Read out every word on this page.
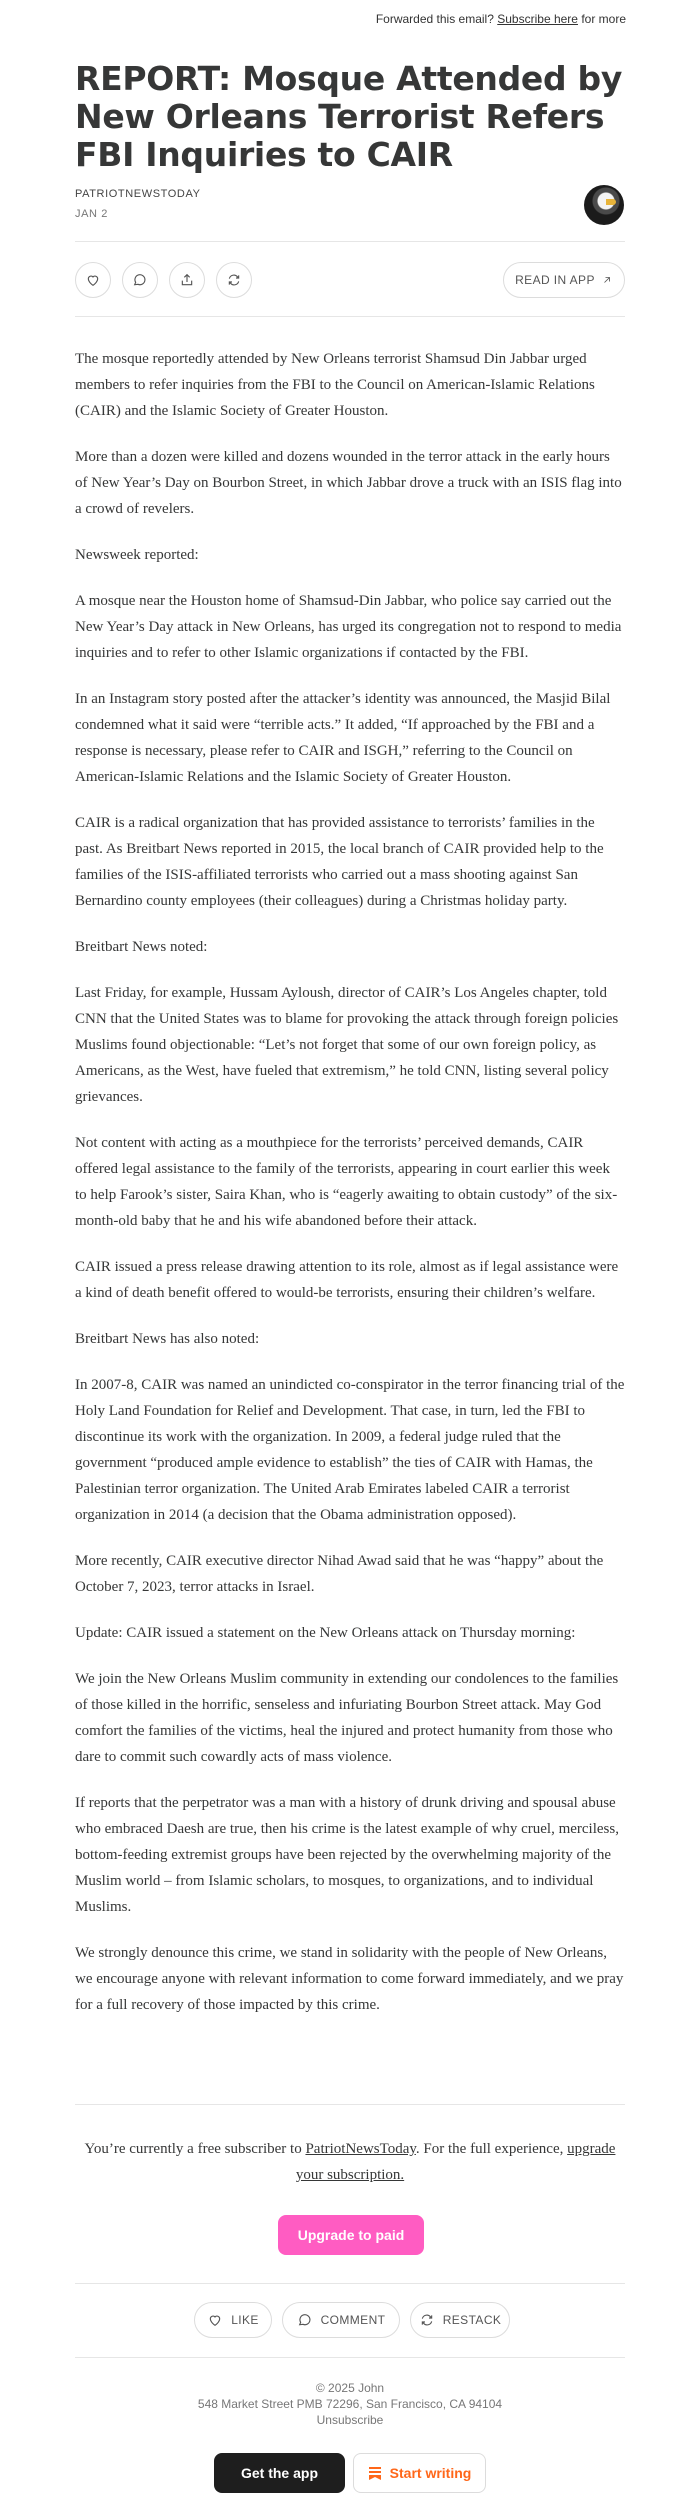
Forwarded this email? Subscribe here for more
REPORT: Mosque Attended by New Orleans Terrorist Refers FBI Inquiries to CAIR
PATRIOTNEWSTODAY
JAN 2
READ IN APP

The mosque reportedly attended by New Orleans terrorist Shamsud Din Jabbar urged members to refer inquiries from the FBI to the Council on American-Islamic Relations (CAIR) and the Islamic Society of Greater Houston.

More than a dozen were killed and dozens wounded in the terror attack in the early hours of New Year’s Day on Bourbon Street, in which Jabbar drove a truck with an ISIS flag into a crowd of revelers.

Newsweek reported:

A mosque near the Houston home of Shamsud-Din Jabbar, who police say carried out the New Year’s Day attack in New Orleans, has urged its congregation not to respond to media inquiries and to refer to other Islamic organizations if contacted by the FBI.

In an Instagram story posted after the attacker’s identity was announced, the Masjid Bilal condemned what it said were “terrible acts.” It added, “If approached by the FBI and a response is necessary, please refer to CAIR and ISGH,” referring to the Council on American-Islamic Relations and the Islamic Society of Greater Houston.

CAIR is a radical organization that has provided assistance to terrorists’ families in the past. As Breitbart News reported in 2015, the local branch of CAIR provided help to the families of the ISIS-affiliated terrorists who carried out a mass shooting against San Bernardino county employees (their colleagues) during a Christmas holiday party.

Breitbart News noted:

Last Friday, for example, Hussam Ayloush, director of CAIR’s Los Angeles chapter, told CNN that the United States was to blame for provoking the attack through foreign policies Muslims found objectionable: “Let’s not forget that some of our own foreign policy, as Americans, as the West, have fueled that extremism,” he told CNN, listing several policy grievances.

Not content with acting as a mouthpiece for the terrorists’ perceived demands, CAIR offered legal assistance to the family of the terrorists, appearing in court earlier this week to help Farook’s sister, Saira Khan, who is “eagerly awaiting to obtain custody” of the six-month-old baby that he and his wife abandoned before their attack.

CAIR issued a press release drawing attention to its role, almost as if legal assistance were a kind of death benefit offered to would-be terrorists, ensuring their children’s welfare.

Breitbart News has also noted:

In 2007-8, CAIR was named an unindicted co-conspirator in the terror financing trial of the Holy Land Foundation for Relief and Development. That case, in turn, led the FBI to discontinue its work with the organization. In 2009, a federal judge ruled that the government “produced ample evidence to establish” the ties of CAIR with Hamas, the Palestinian terror organization. The United Arab Emirates labeled CAIR a terrorist organization in 2014 (a decision that the Obama administration opposed).

More recently, CAIR executive director Nihad Awad said that he was “happy” about the October 7, 2023, terror attacks in Israel.

Update: CAIR issued a statement on the New Orleans attack on Thursday morning:

We join the New Orleans Muslim community in extending our condolences to the families of those killed in the horrific, senseless and infuriating Bourbon Street attack. May God comfort the families of the victims, heal the injured and protect humanity from those who dare to commit such cowardly acts of mass violence.

If reports that the perpetrator was a man with a history of drunk driving and spousal abuse who embraced Daesh are true, then his crime is the latest example of why cruel, merciless, bottom-feeding extremist groups have been rejected by the overwhelming majority of the Muslim world – from Islamic scholars, to mosques, to organizations, and to individual Muslims.

We strongly denounce this crime, we stand in solidarity with the people of New Orleans, we encourage anyone with relevant information to come forward immediately, and we pray for a full recovery of those impacted by this crime.

You’re currently a free subscriber to PatriotNewsToday. For the full experience, upgrade your subscription.
Upgrade to paid
LIKE	COMMENT	RESTACK
© 2025 John
548 Market Street PMB 72296, San Francisco, CA 94104
Unsubscribe
Get the app	Start writing
